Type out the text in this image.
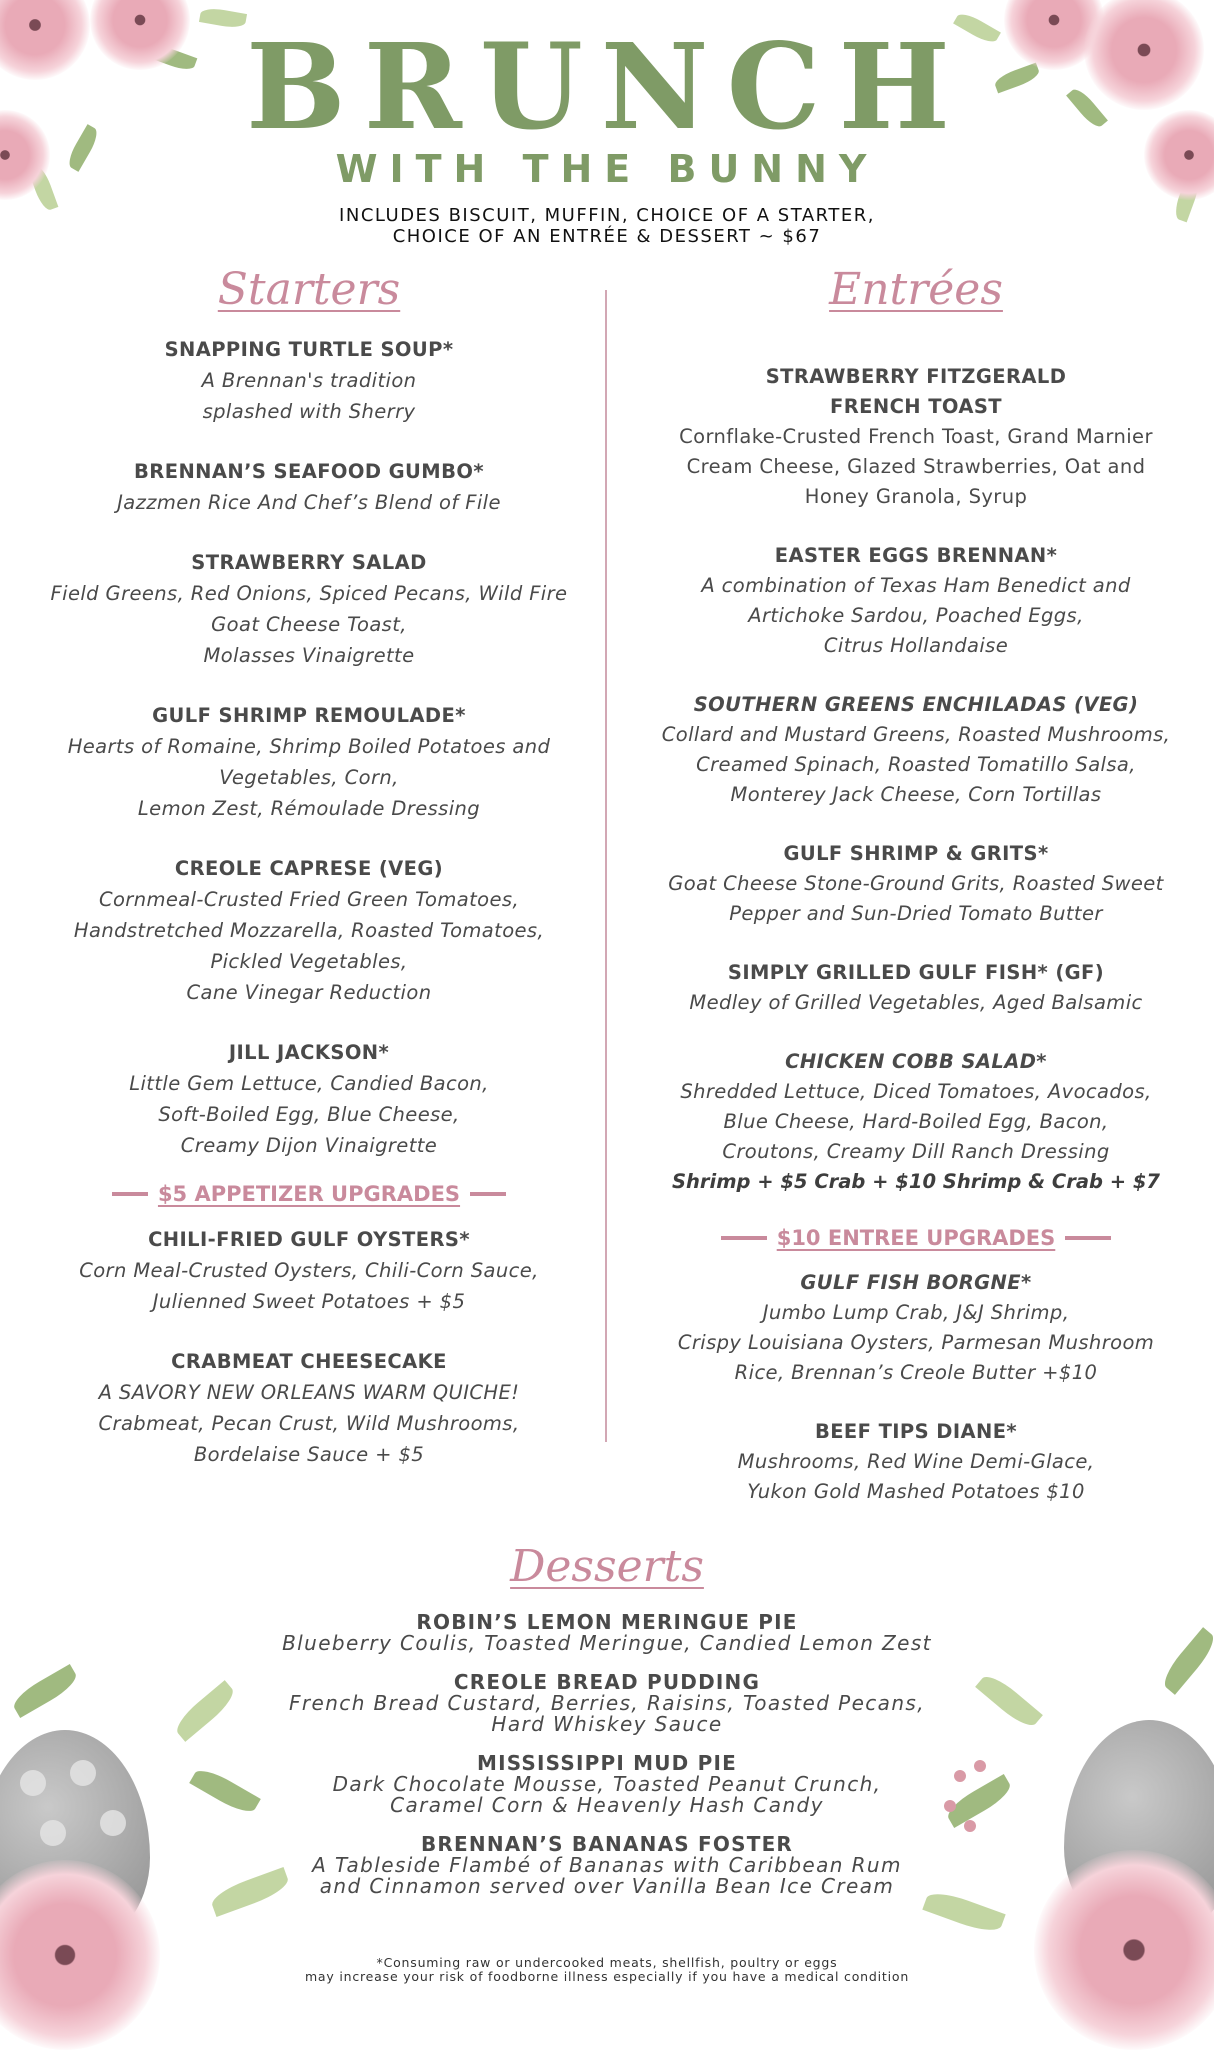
BRUNCH
WITH THE BUNNY
INCLUDES BISCUIT, MUFFIN, CHOICE OF A STARTER,
CHOICE OF AN ENTRÉE & DESSERT ~ $67
Starters	Entrées
SNAPPING TURTLE SOUP*
A Brennan's tradition
splashed with Sherry
BRENNAN’S SEAFOOD GUMBO*
Jazzmen Rice And Chef’s Blend of File
STRAWBERRY SALAD
Field Greens, Red Onions, Spiced Pecans, Wild Fire
Goat Cheese Toast,
Molasses Vinaigrette
GULF SHRIMP REMOULADE*
Hearts of Romaine, Shrimp Boiled Potatoes and
Vegetables, Corn,
Lemon Zest, Rémoulade Dressing
CREOLE CAPRESE (VEG)
Cornmeal-Crusted Fried Green Tomatoes,
Handstretched Mozzarella, Roasted Tomatoes,
Pickled Vegetables,
Cane Vinegar Reduction
JILL JACKSON*
Little Gem Lettuce, Candied Bacon,
Soft-Boiled Egg, Blue Cheese,
Creamy Dijon Vinaigrette
$5 APPETIZER UPGRADES
CHILI-FRIED GULF OYSTERS*
Corn Meal-Crusted Oysters, Chili-Corn Sauce,
Julienned Sweet Potatoes + $5
CRABMEAT CHEESECAKE
A SAVORY NEW ORLEANS WARM QUICHE!
Crabmeat, Pecan Crust, Wild Mushrooms,
Bordelaise Sauce + $5
STRAWBERRY FITZGERALD
FRENCH TOAST
Cornflake-Crusted French Toast, Grand Marnier
Cream Cheese, Glazed Strawberries, Oat and
Honey Granola, Syrup
EASTER EGGS BRENNAN*
A combination of Texas Ham Benedict and
Artichoke Sardou, Poached Eggs,
Citrus Hollandaise
SOUTHERN GREENS ENCHILADAS (VEG)
Collard and Mustard Greens, Roasted Mushrooms,
Creamed Spinach, Roasted Tomatillo Salsa,
Monterey Jack Cheese, Corn Tortillas
GULF SHRIMP & GRITS*
Goat Cheese Stone-Ground Grits, Roasted Sweet
Pepper and Sun-Dried Tomato Butter
SIMPLY GRILLED GULF FISH* (GF)
Medley of Grilled Vegetables, Aged Balsamic
CHICKEN COBB SALAD*
Shredded Lettuce, Diced Tomatoes, Avocados,
Blue Cheese, Hard-Boiled Egg, Bacon,
Croutons, Creamy Dill Ranch Dressing
Shrimp + $5 Crab + $10 Shrimp & Crab + $7
$10 ENTREE UPGRADES
GULF FISH BORGNE*
Jumbo Lump Crab, J&J Shrimp,
Crispy Louisiana Oysters, Parmesan Mushroom
Rice, Brennan’s Creole Butter +$10
BEEF TIPS DIANE*
Mushrooms, Red Wine Demi-Glace,
Yukon Gold Mashed Potatoes $10
Desserts
ROBIN’S LEMON MERINGUE PIE
Blueberry Coulis, Toasted Meringue, Candied Lemon Zest
CREOLE BREAD PUDDING
French Bread Custard, Berries, Raisins, Toasted Pecans,
Hard Whiskey Sauce
MISSISSIPPI MUD PIE
Dark Chocolate Mousse, Toasted Peanut Crunch,
Caramel Corn & Heavenly Hash Candy
BRENNAN’S BANANAS FOSTER
A Tableside Flambé of Bananas with Caribbean Rum
and Cinnamon served over Vanilla Bean Ice Cream
*Consuming raw or undercooked meats, shellfish, poultry or eggs
may increase your risk of foodborne illness especially if you have a medical condition
